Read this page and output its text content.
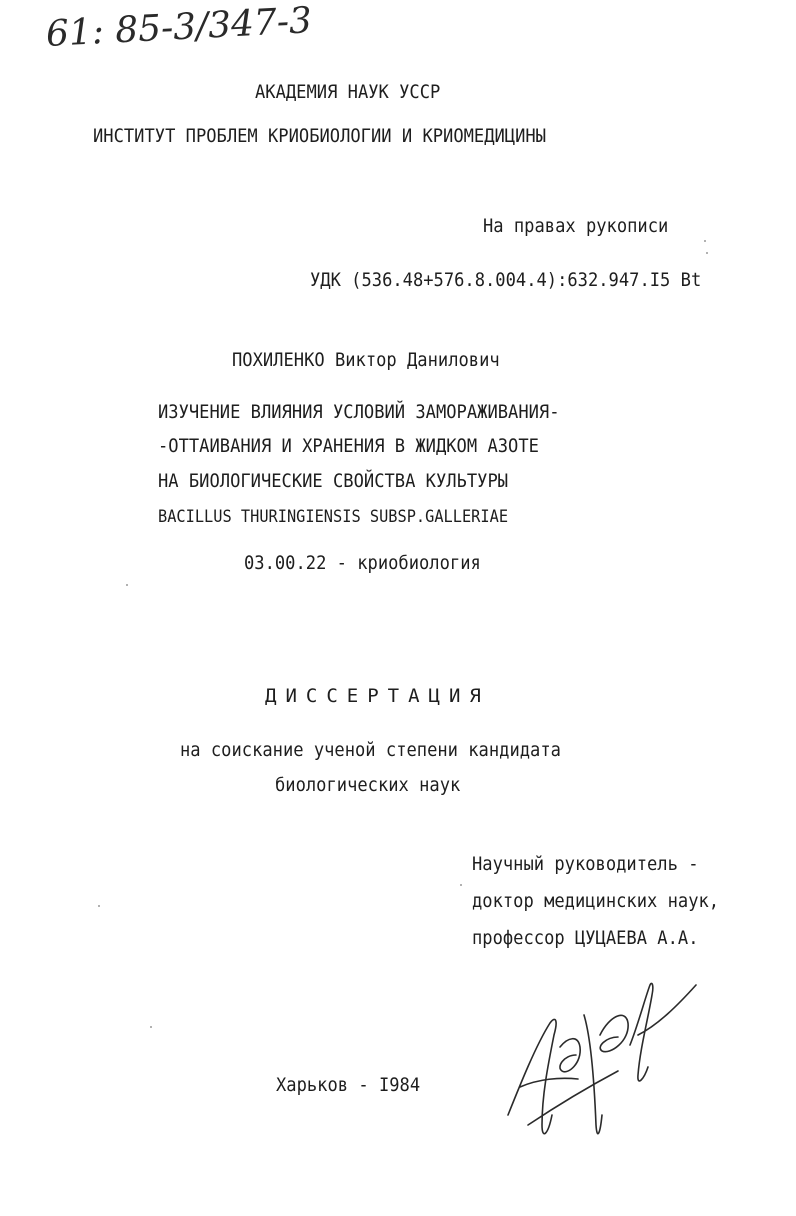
61: 85-3/347-3
АКАДЕМИЯ НАУК УССР
ИНСТИТУТ ПРОБЛЕМ КРИОБИОЛОГИИ И КРИОМЕДИЦИНЫ
На правах рукописи
УДК (536.48+576.8.004.4):632.947.I5 Bt
ПОХИЛЕНКО Виктор Данилович
ИЗУЧЕНИЕ ВЛИЯНИЯ УСЛОВИЙ ЗАМОРАЖИВАНИЯ-
-ОТТАИВАНИЯ И ХРАНЕНИЯ В ЖИДКОМ АЗОТЕ
НА БИОЛОГИЧЕСКИЕ СВОЙСТВА КУЛЬТУРЫ
BACILLUS THURINGIENSIS SUBSP.GALLERIAE
03.00.22 - криобиология
ДИССЕРТАЦИЯ
на соискание ученой степени кандидата
биологических наук
Научный руководитель -
доктор медицинских наук,
профессор ЦУЦАЕВА А.А.
Харьков - I984
